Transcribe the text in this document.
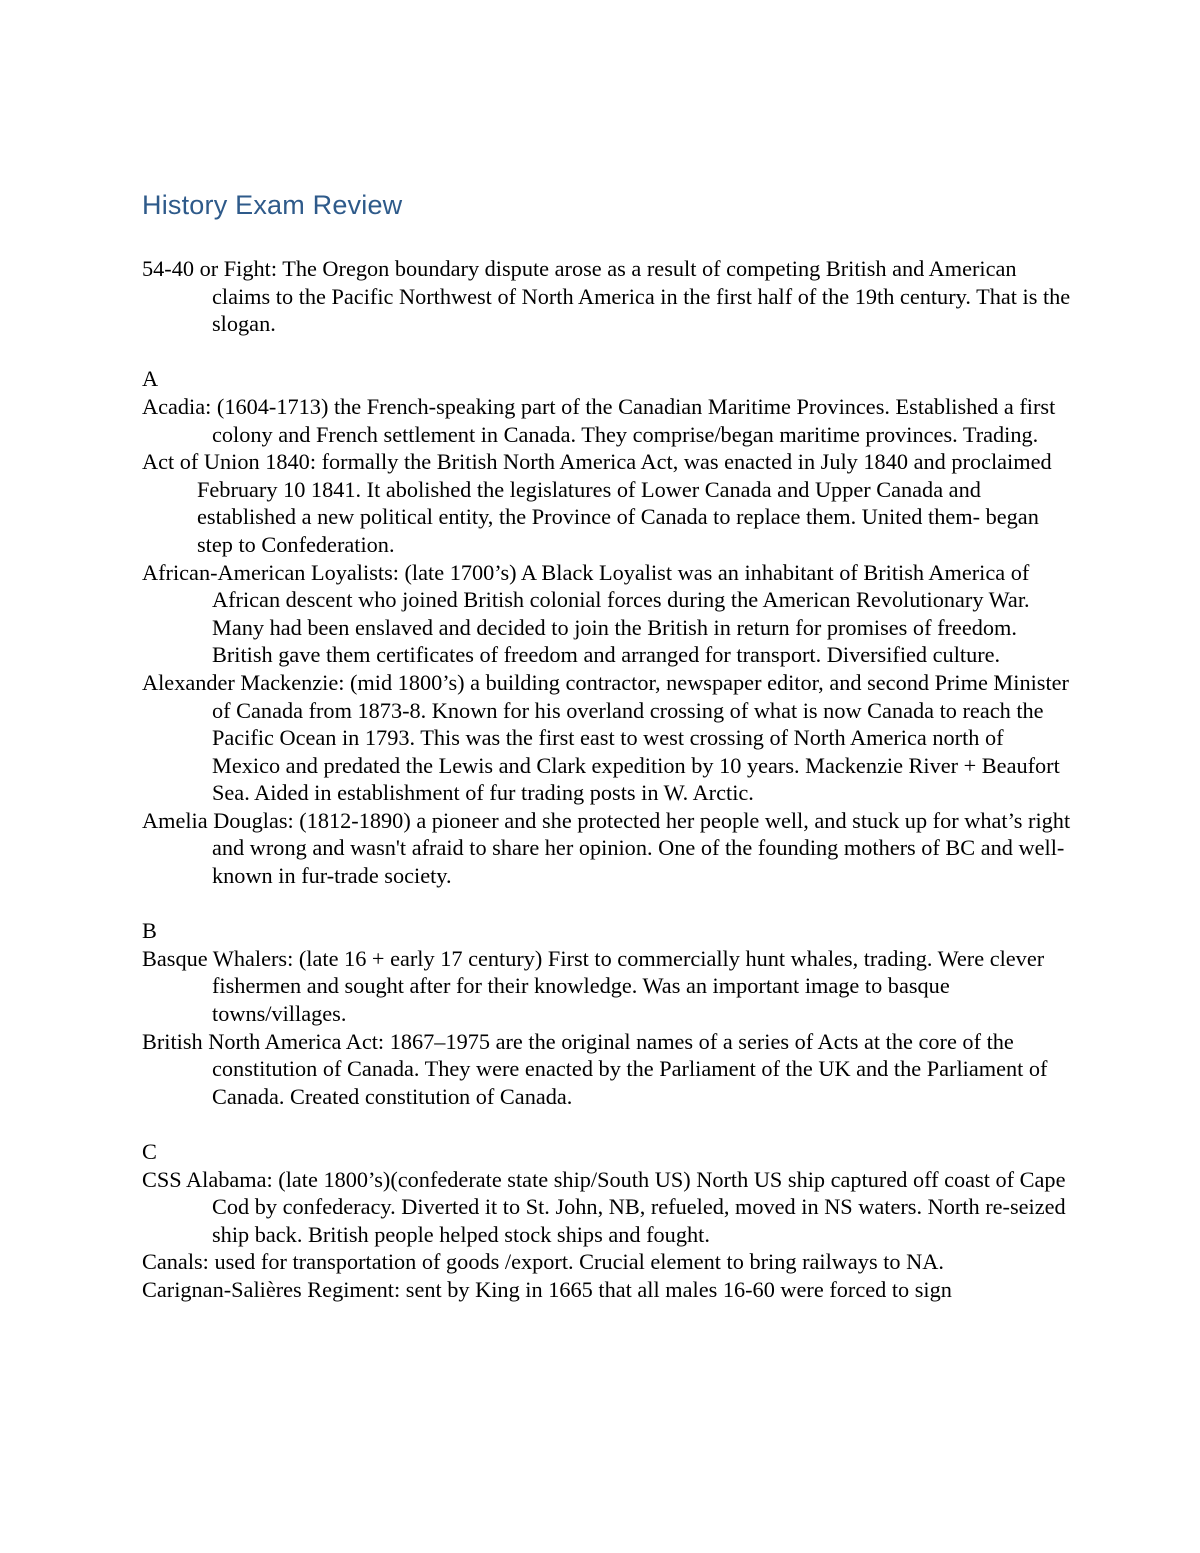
History Exam Review

54-40 or Fight: The Oregon boundary dispute arose as a result of competing British and American claims to the Pacific Northwest of North America in the first half of the 19th century. That is the slogan.

A

Acadia: (1604-1713) the French-speaking part of the Canadian Maritime Provinces. Established a first colony and French settlement in Canada. They comprise/began maritime provinces. Trading.

Act of Union 1840: formally the British North America Act, was enacted in July 1840 and proclaimed February 10 1841. It abolished the legislatures of Lower Canada and Upper Canada and established a new political entity, the Province of Canada to replace them. United them- began step to Confederation.

African-American Loyalists: (late 1700’s) A Black Loyalist was an inhabitant of British America of African descent who joined British colonial forces during the American Revolutionary War. Many had been enslaved and decided to join the British in return for promises of freedom. British gave them certificates of freedom and arranged for transport. Diversified culture.

Alexander Mackenzie: (mid 1800’s) a building contractor, newspaper editor, and second Prime Minister of Canada from 1873-8. Known for his overland crossing of what is now Canada to reach the Pacific Ocean in 1793. This was the first east to west crossing of North America north of Mexico and predated the Lewis and Clark expedition by 10 years. Mackenzie River + Beaufort Sea. Aided in establishment of fur trading posts in W. Arctic.

Amelia Douglas: (1812-1890) a pioneer and she protected her people well, and stuck up for what’s right and wrong and wasn't afraid to share her opinion. One of the founding mothers of BC and well-known in fur-trade society.

B

Basque Whalers: (late 16 + early 17 century) First to commercially hunt whales, trading. Were clever fishermen and sought after for their knowledge. Was an important image to basque towns/villages.

British North America Act: 1867–1975 are the original names of a series of Acts at the core of the constitution of Canada. They were enacted by the Parliament of the UK and the Parliament of Canada. Created constitution of Canada.

C

CSS Alabama: (late 1800’s)(confederate state ship/South US) North US ship captured off coast of Cape Cod by confederacy. Diverted it to St. John, NB, refueled, moved in NS waters. North re-seized ship back. British people helped stock ships and fought.

Canals: used for transportation of goods /export. Crucial element to bring railways to NA.

Carignan-Salières Regiment: sent by King in 1665 that all males 16-60 were forced to sign
